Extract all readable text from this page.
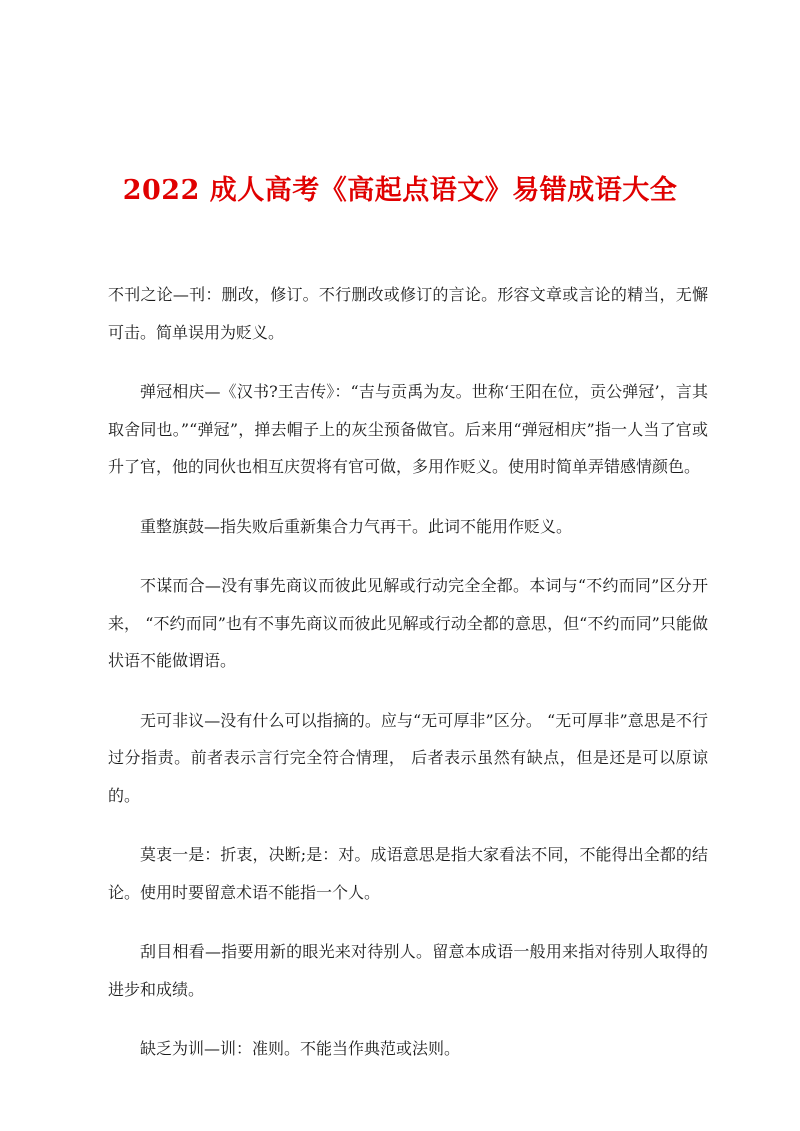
2022 成人高考《高起点语文》易错成语大全

不刊之论—刊：删改，修订。不行删改或修订的言论。形容文章或言论的精当，无懈可击。简单误用为贬义。

弹冠相庆—《汉书?王吉传》：“吉与贡禹为友。世称‘王阳在位，贡公弹冠’，言其取舍同也。”“弹冠”，掸去帽子上的灰尘预备做官。后来用“弹冠相庆”指一人当了官或升了官，他的同伙也相互庆贺将有官可做，多用作贬义。使用时简单弄错感情颜色。

重整旗鼓—指失败后重新集合力气再干。此词不能用作贬义。

不谋而合—没有事先商议而彼此见解或行动完全全都。本词与“不约而同”区分开来， “不约而同”也有不事先商议而彼此见解或行动全都的意思，但“不约而同”只能做状语不能做谓语。

无可非议—没有什么可以指摘的。应与“无可厚非”区分。 “无可厚非”意思是不行过分指责。前者表示言行完全符合情理， 后者表示虽然有缺点，但是还是可以原谅的。

莫衷一是：折衷，决断;是：对。成语意思是指大家看法不同，不能得出全都的结论。使用时要留意术语不能指一个人。

刮目相看—指要用新的眼光来对待别人。留意本成语一般用来指对待别人取得的进步和成绩。

缺乏为训—训：准则。不能当作典范或法则。
